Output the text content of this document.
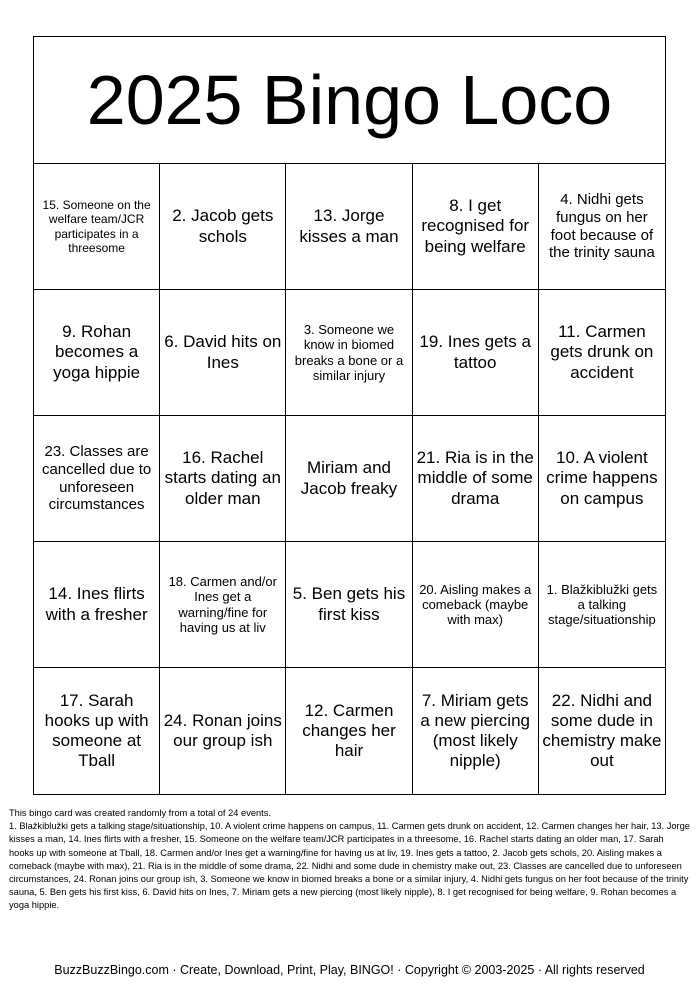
2025 Bingo Loco
15. Someone on the welfare team/JCR participates in a threesome
2. Jacob gets schols
13. Jorge kisses a man
8. I get recognised for being welfare
4. Nidhi gets fungus on her foot because of the trinity sauna
9. Rohan becomes a yoga hippie
6. David hits on Ines
3. Someone we know in biomed breaks a bone or a similar injury
19. Ines gets a tattoo
11. Carmen gets drunk on accident
23. Classes are cancelled due to unforeseen circumstances
16. Rachel starts dating an older man
Miriam and Jacob freaky
21. Ria is in the middle of some drama
10. A violent crime happens on campus
14. Ines flirts with a fresher
18. Carmen and/or Ines get a warning/fine for having us at liv
5. Ben gets his first kiss
20. Aisling makes a comeback (maybe with max)
1. Blažkiblužki gets a talking stage/situationship
17. Sarah hooks up with someone at Tball
24. Ronan joins our group ish
12. Carmen changes her hair
7. Miriam gets a new piercing (most likely nipple)
22. Nidhi and some dude in chemistry make out
This bingo card was created randomly from a total of 24 events.
1. Blažkiblužki gets a talking stage/situationship, 10. A violent crime happens on campus, 11. Carmen gets drunk on accident, 12. Carmen changes her hair, 13. Jorge kisses a man, 14. Ines flirts with a fresher, 15. Someone on the welfare team/JCR participates in a threesome, 16. Rachel starts dating an older man, 17. Sarah hooks up with someone at Tball, 18. Carmen and/or Ines get a warning/fine for having us at liv, 19. Ines gets a tattoo, 2. Jacob gets schols, 20. Aisling makes a comeback (maybe with max), 21. Ria is in the middle of some drama, 22. Nidhi and some dude in chemistry make out, 23. Classes are cancelled due to unforeseen circumstances, 24. Ronan joins our group ish, 3. Someone we know in biomed breaks a bone or a similar injury, 4. Nidhi gets fungus on her foot because of the trinity sauna, 5. Ben gets his first kiss, 6. David hits on Ines, 7. Miriam gets a new piercing (most likely nipple), 8. I get recognised for being welfare, 9. Rohan becomes a yoga hippie.
BuzzBuzzBingo.com · Create, Download, Print, Play, BINGO! · Copyright © 2003-2025 · All rights reserved
